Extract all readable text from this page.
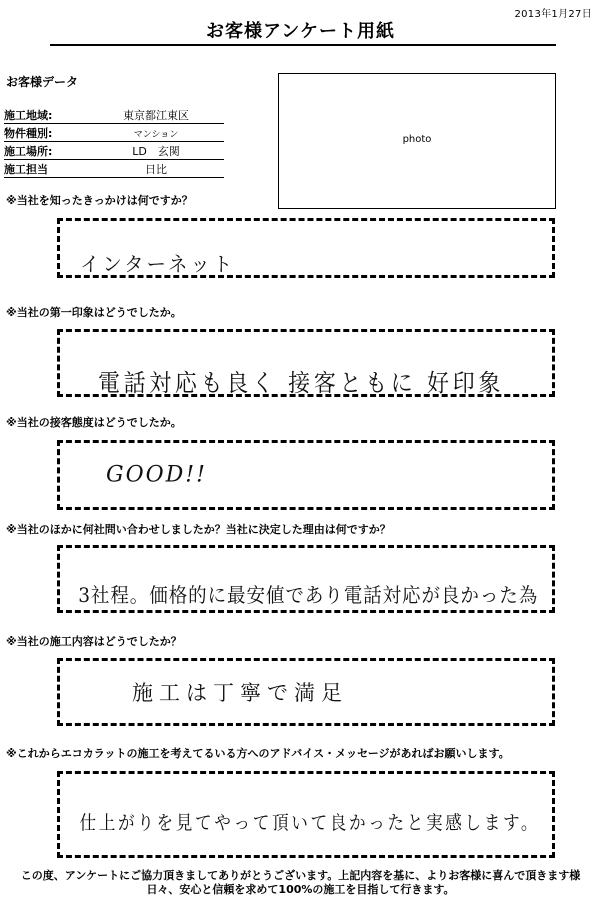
2013年1月27日
お客様アンケート用紙
お客様データ
施工地域:	東京都江東区
物件種別:	マンション
施工場所:	LD　玄関
施工担当	日比
photo
※当社を知ったきっかけは何ですか？
インターネット
※当社の第一印象はどうでしたか。
電話対応も良く 接客ともに 好印象
※当社の接客態度はどうでしたか。
GOOD!!
※当社のほかに何社問い合わせしましたか？当社に決定した理由は何ですか？
3社程。価格的に最安値であり電話対応が良かった為
※当社の施工内容はどうでしたか？
施工は丁寧で満足
※これからエコカラットの施工を考えてるいる方へのアドバイス・メッセージがあればお願いします。
仕上がりを見てやって頂いて良かったと実感します。
この度、アンケートにご協力頂きましてありがとうございます。上記内容を基に、よりお客様に喜んで頂きます様
日々、安心と信頼を求めて100%の施工を目指して行きます。
